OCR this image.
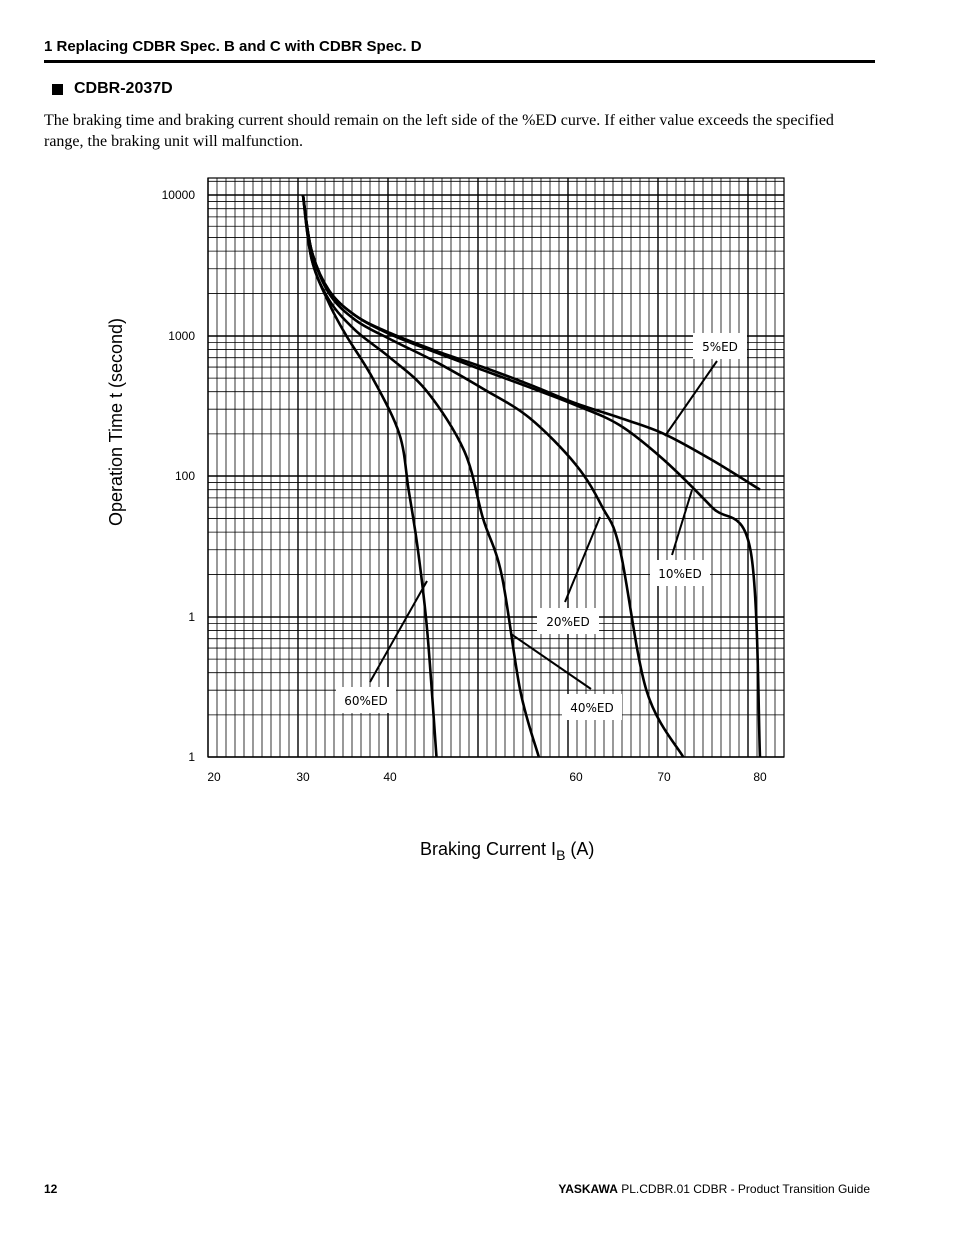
1 Replacing CDBR Spec. B and C with CDBR Spec. D
CDBR-2037D
The braking time and braking current should remain on the left side of the %ED curve. If either value exceeds the specified range, the braking unit will malfunction.
20	30	40	60	70	80
10000
1000
100
1
1
5%ED
10%ED
20%ED
40%ED
60%ED
Operation Time t (second)
Braking Current $I_B$ (A)
12	YASKAWA PL.CDBR.01 CDBR - Product Transition Guide
